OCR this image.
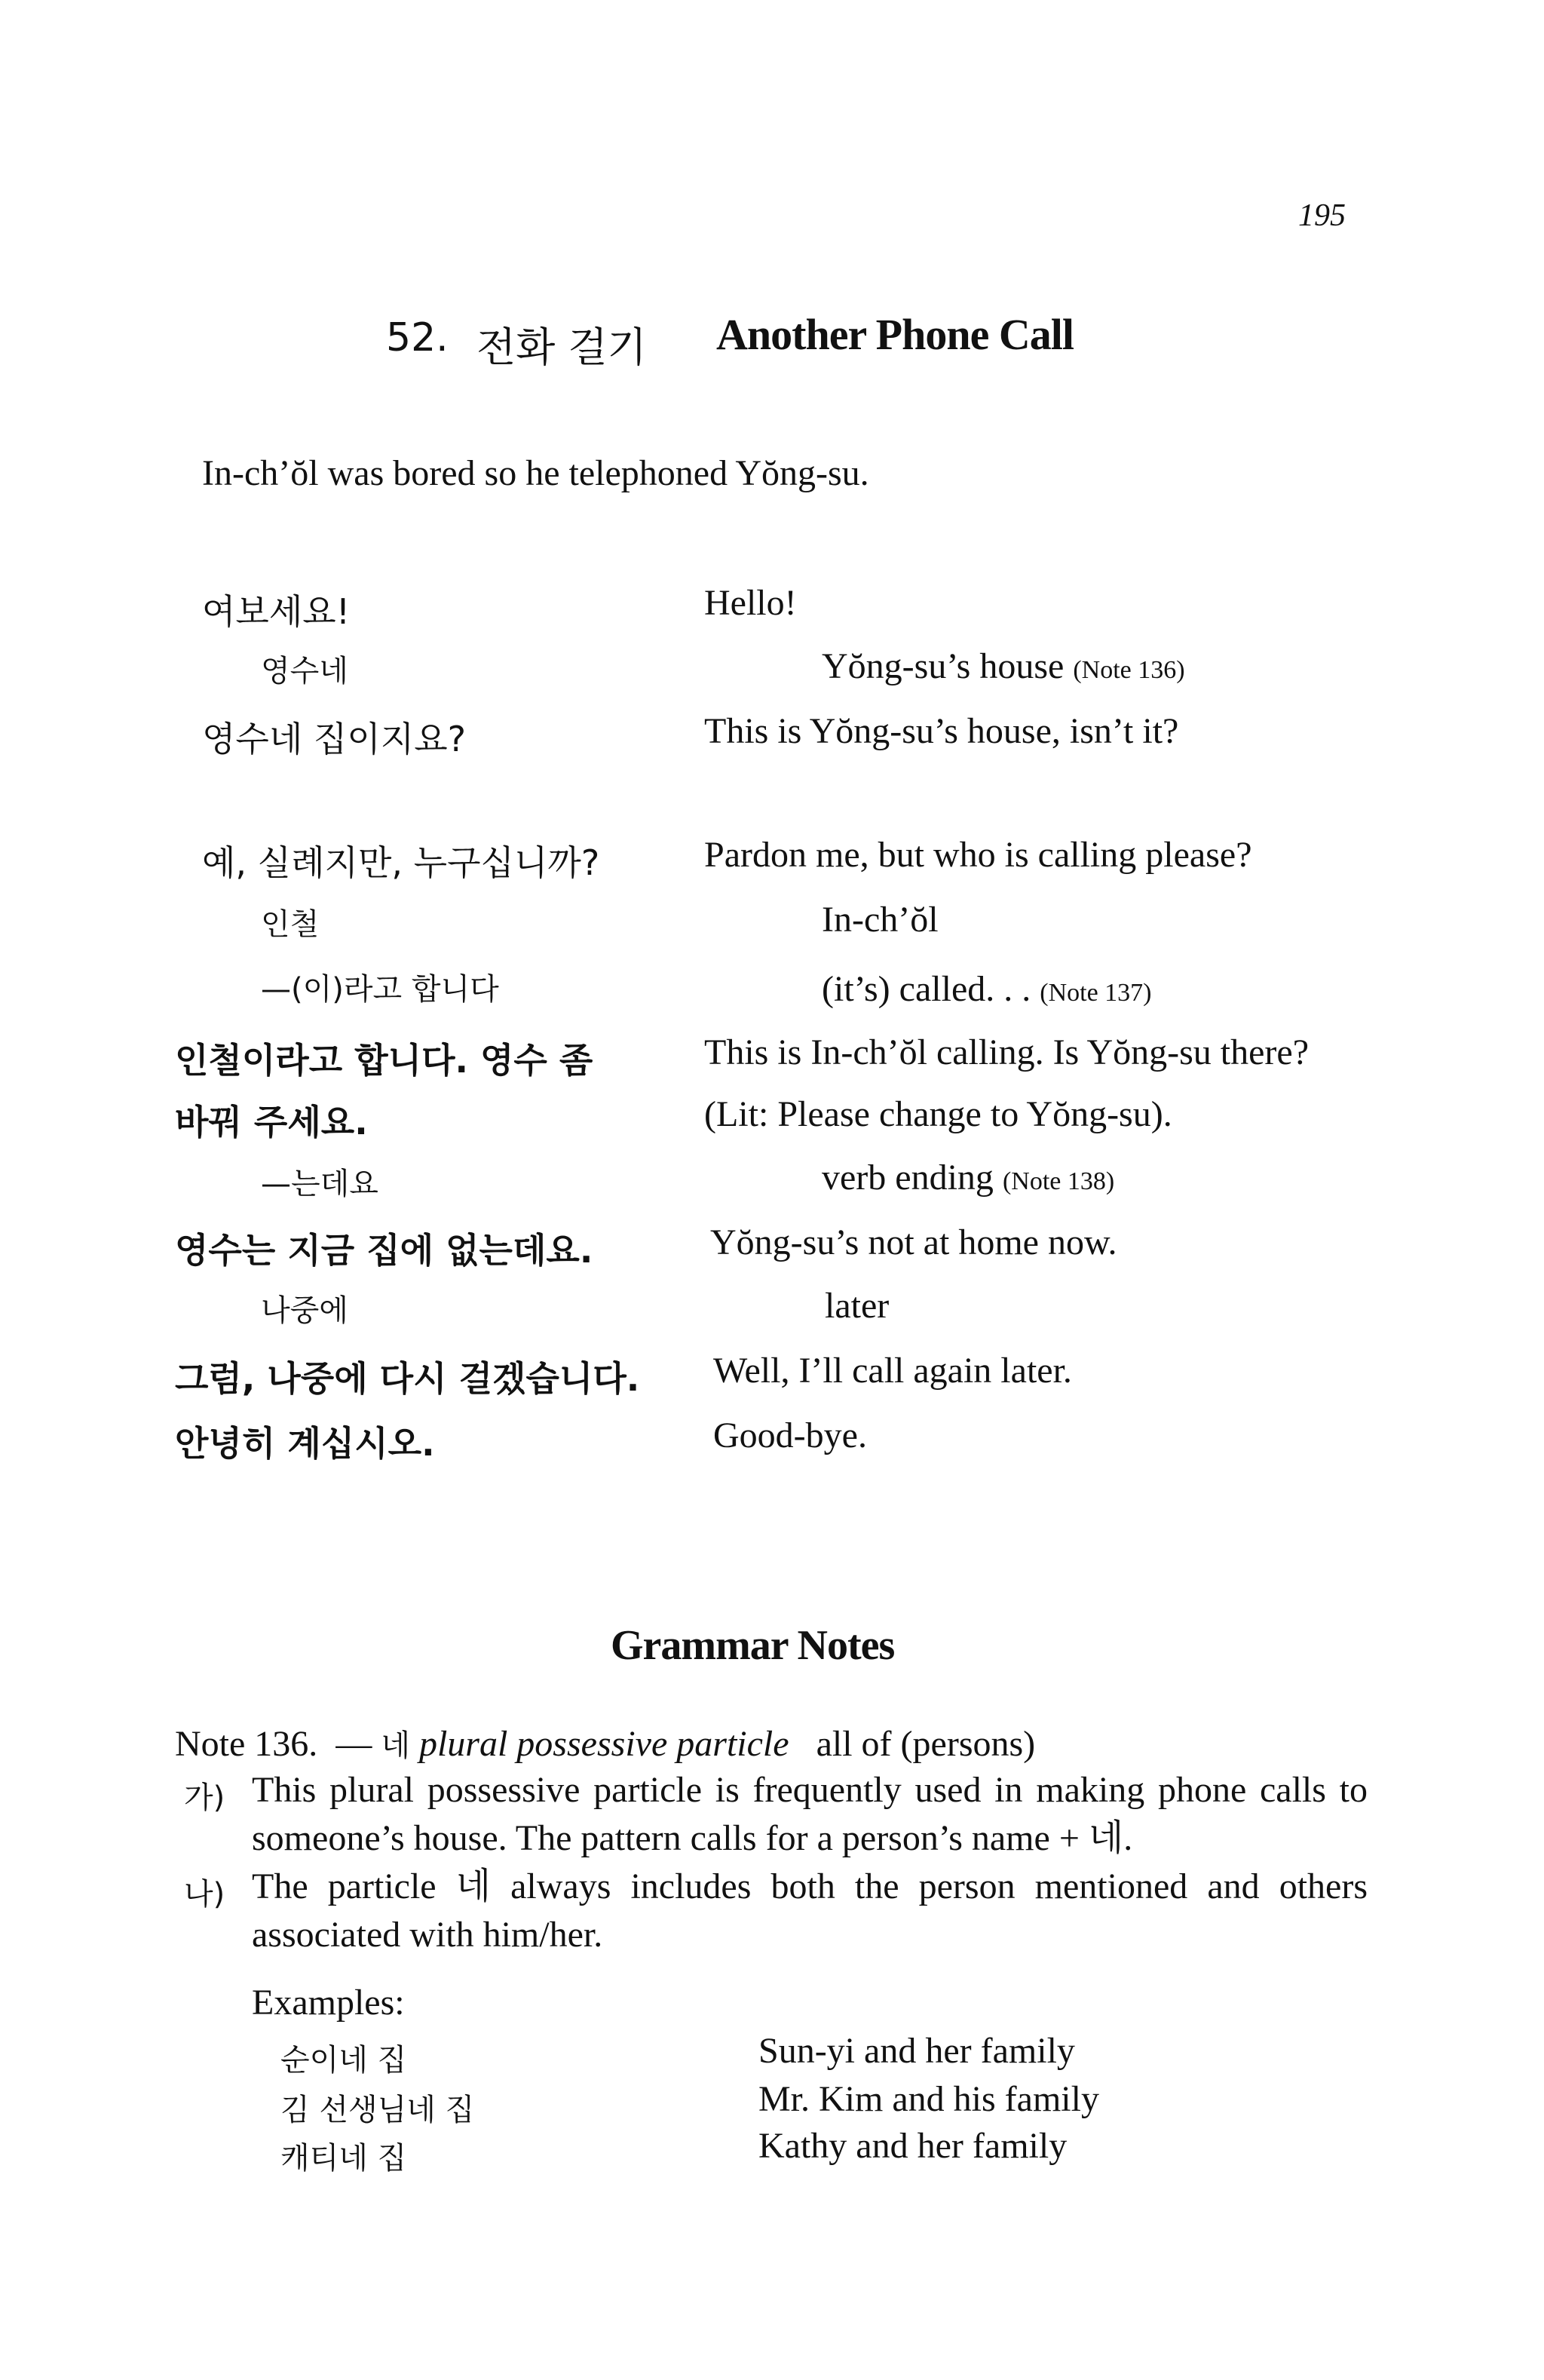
195
52. 전화 걸기 Another Phone Call
In-ch’ŏl was bored so he telephoned Yŏng-su.
여보세요!	Hello!
영수네	Yŏng-su’s house (Note 136)
영수네 집이지요?	This is Yŏng-su’s house, isn’t it?
예, 실례지만, 누구십니까?	Pardon me, but who is calling please?
인철	In-ch’ŏl
—(이)라고 합니다	(it’s) called. . . (Note 137)
인철이라고 합니다. 영수 좀	This is In-ch’ŏl calling. Is Yŏng-su there?
바꿔 주세요.	(Lit: Please change to Yŏng-su).
—는데요	verb ending (Note 138)
영수는 지금 집에 없는데요.	Yŏng-su’s not at home now.
나중에	later
그럼, 나중에 다시 걸겠습니다. Well, I’ll call again later.
안녕히 계십시오.	Good-bye.
Grammar Notes
Note 136. — 네 plural possessive particle all of (persons)
가) This plural possessive particle is frequently used in making phone calls to someone’s house. The pattern calls for a person’s name + 네.
나) The particle 네 always includes both the person mentioned and others associated with him/her.
Examples:
순이네 집	Sun-yi and her family
김 선생님네 집	Mr. Kim and his family
캐티네 집	Kathy and her family
